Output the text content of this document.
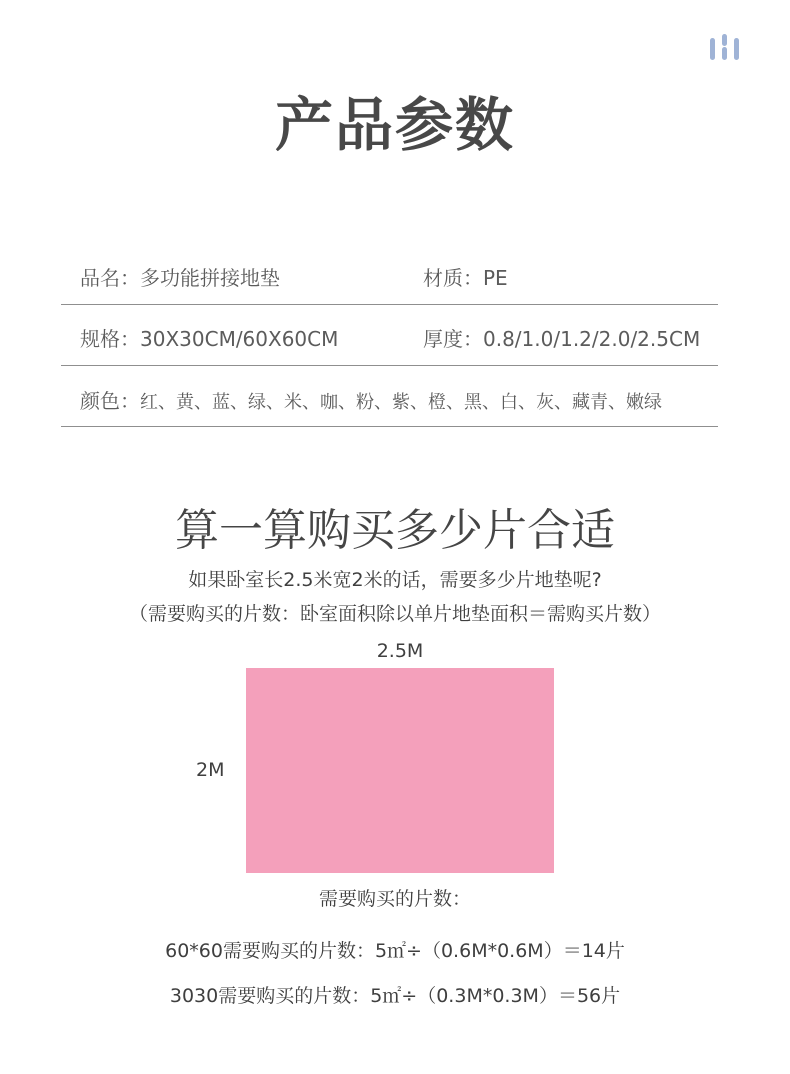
产品参数
品名：多功能拼接地垫	材质：PE
规格：30X30CM/60X60CM	厚度：0.8/1.0/1.2/2.0/2.5CM
颜色：红、黄、蓝、绿、米、咖、粉、紫、橙、黑、白、灰、藏青、嫩绿
算一算购买多少片合适
如果卧室长2.5米宽2米的话，需要多少片地垫呢?
（需要购买的片数：卧室面积除以单片地垫面积＝需购买片数）
2.5M
2M
需要购买的片数：
60*60需要购买的片数：5㎡÷（0.6M*0.6M）＝14片
3030需要购买的片数：5㎡÷（0.3M*0.3M）＝56片
